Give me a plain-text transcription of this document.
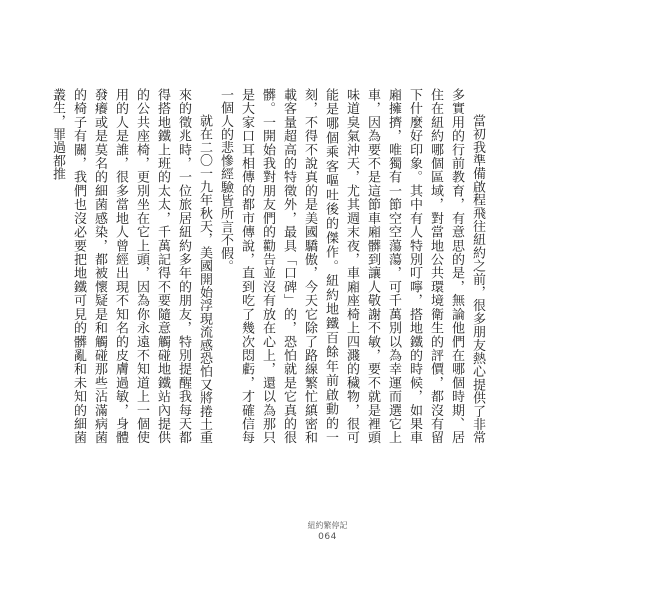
當初我準備啟程飛往紐約之前，很多朋友熱心提供了非常多實用的行前教育，有意思的是，無論他們在哪個時期、居住在紐約哪個區域，對當地公共環境衛生的評價，都沒有留下什麼好印象。其中有人特別叮嚀，搭地鐵的時候，如果車廂擁擠，唯獨有一節空空蕩蕩，可千萬別以為幸運而選它上車，因為要不是這節車廂髒到讓人敬謝不敏，要不就是裡頭味道臭氣沖天，尤其週末夜，車廂座椅上四濺的穢物，很可能是哪個乘客嘔吐後的傑作。紐約地鐵百餘年前啟動的一刻，不得不說真的是美國驕傲，今天它除了路線繁忙縝密和載客量超高的特徵外，最具「口碑」的，恐怕就是它真的很髒。一開始我對朋友們的勸告並沒有放在心上，還以為那只是大家口耳相傳的都市傳說，直到吃了幾次悶虧，才確信每一個人的悲慘經驗皆所言不假。

就在二〇一九年秋天，美國開始浮現流感恐怕又將捲土重來的徵兆時，一位旅居紐約多年的朋友，特別提醒我每天都得搭地鐵上班的太太，千萬記得不要隨意觸碰地鐵站內提供的公共座椅，更別坐在它上頭，因為你永遠不知道上一個使用的人是誰，很多當地人曾經出現不知名的皮膚過敏，身體發癢或是莫名的細菌感染，都被懷疑是和觸碰那些沾滿病菌的椅子有關，我們也沒必要把地鐵可見的髒亂和未知的細菌叢生，罪過都推

紐約繁停記
064
